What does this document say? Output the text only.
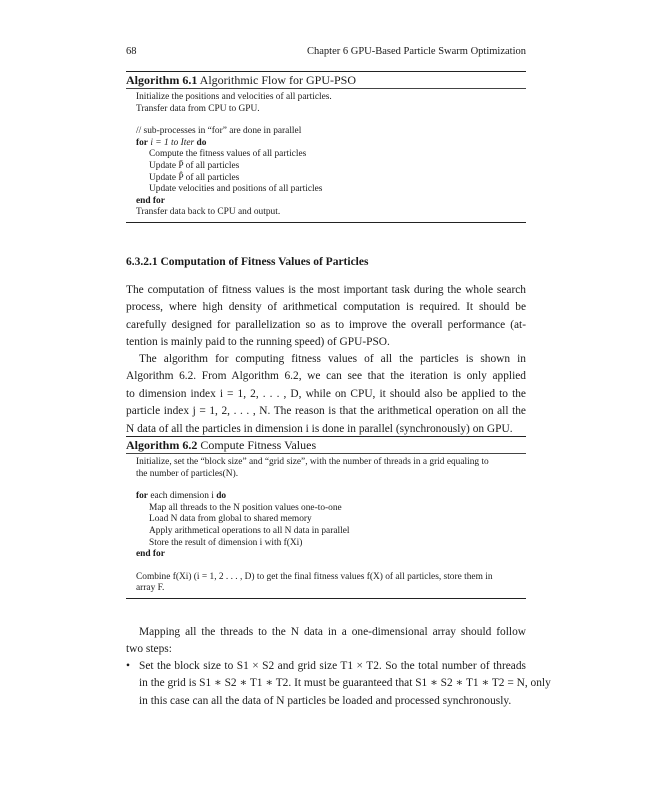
68	Chapter 6 GPU-Based Particle Swarm Optimization
Algorithm 6.1 Algorithmic Flow for GPU-PSO
Initialize the positions and velocities of all particles.
Transfer data from CPU to GPU.
// sub-processes in “for” are done in parallel
for i = 1 to Iter do
Compute the fitness values of all particles
Update P̄ of all particles
Update P̂ of all particles
Update velocities and positions of all particles
end for
Transfer data back to CPU and output.
6.3.2.1 Computation of Fitness Values of Particles
The computation of fitness values is the most important task during the whole search
process, where high density of arithmetical computation is required. It should be
carefully designed for parallelization so as to improve the overall performance (at-
tention is mainly paid to the running speed) of GPU-PSO.
The algorithm for computing fitness values of all the particles is shown in
Algorithm 6.2. From Algorithm 6.2, we can see that the iteration is only applied
to dimension index i = 1, 2, . . . , D, while on CPU, it should also be applied to the
particle index j = 1, 2, . . . , N. The reason is that the arithmetical operation on all the
N data of all the particles in dimension i is done in parallel (synchronously) on GPU.
Algorithm 6.2 Compute Fitness Values
Initialize, set the “block size” and “grid size”, with the number of threads in a grid equaling to
the number of particles(N).
for each dimension i do
Map all threads to the N position values one-to-one
Load N data from global to shared memory
Apply arithmetical operations to all N data in parallel
Store the result of dimension i with f(Xi)
end for
Combine f(Xi) (i = 1, 2 . . . , D) to get the final fitness values f(X) of all particles, store them in
array F.
Mapping all the threads to the N data in a one-dimensional array should follow
two steps:
• Set the block size to S1 × S2 and grid size T1 × T2. So the total number of threads
in the grid is S1 ∗ S2 ∗ T1 ∗ T2. It must be guaranteed that S1 ∗ S2 ∗ T1 ∗ T2 = N, only
in this case can all the data of N particles be loaded and processed synchronously.
